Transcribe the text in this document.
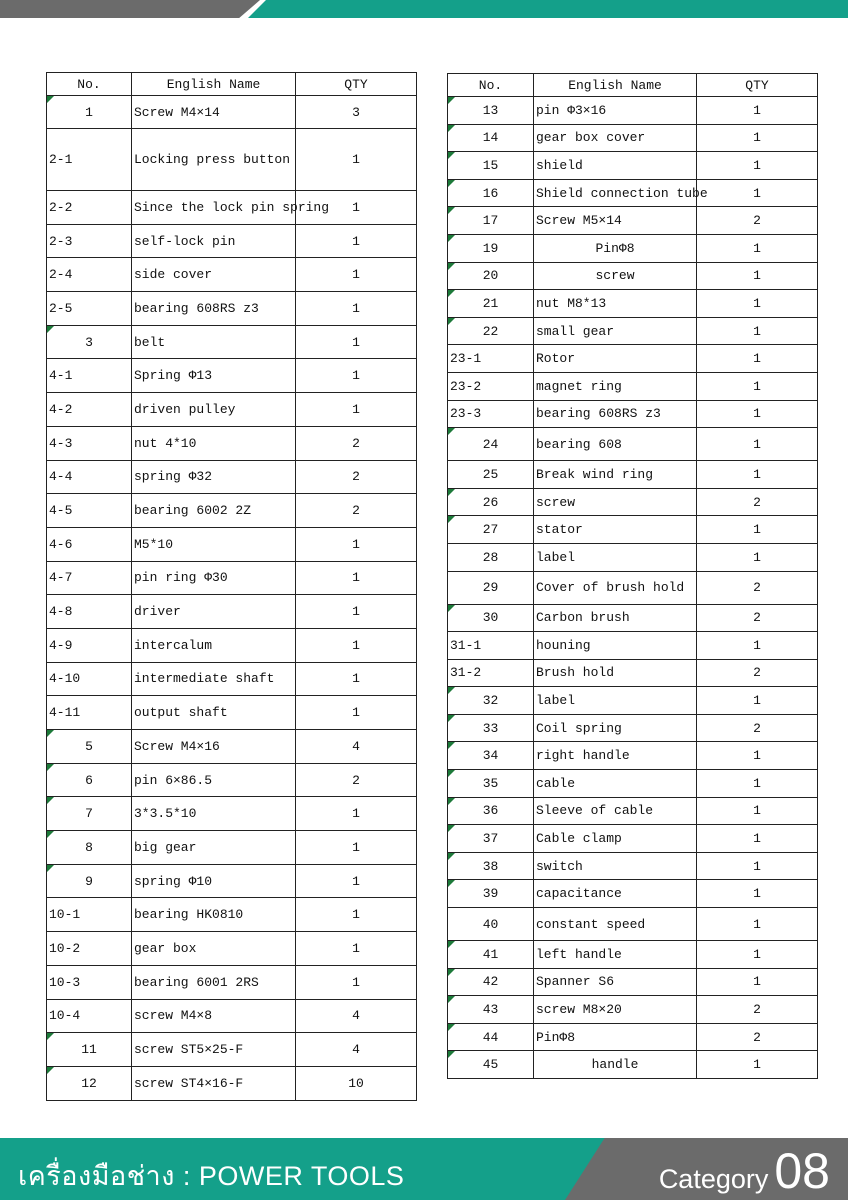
No.	English Name	QTY
1	Screw M4×14	3
2-1	Locking press button	1
2-2	Since the lock pin spring	1
2-3	self-lock pin	1
2-4	side cover	1
2-5	bearing 608RS z3	1
3	belt	1
4-1	Spring Φ13	1
4-2	driven pulley	1
4-3	nut 4*10	2
4-4	spring Φ32	2
4-5	bearing 6002 2Z	2
4-6	M5*10	1
4-7	pin ring Φ30	1
4-8	driver	1
4-9	intercalum	1
4-10	intermediate shaft	1
4-11	output shaft	1
5	Screw M4×16	4
6	pin 6×86.5	2
7	3*3.5*10	1
8	big gear	1
9	spring Φ10	1
10-1	bearing HK0810	1
10-2	gear box	1
10-3	bearing 6001 2RS	1
10-4	screw M4×8	4
11	screw ST5×25-F	4
12	screw ST4×16-F	10
No.	English Name	QTY
13	pin Φ3×16	1
14	gear box cover	1
15	shield	1
16	Shield connection tube	1
17	Screw M5×14	2
19	PinΦ8	1
20	screw	1
21	nut M8*13	1
22	small gear	1
23-1	Rotor	1
23-2	magnet ring	1
23-3	bearing 608RS z3	1
24	bearing 608	1
25	Break wind ring	1
26	screw	2
27	stator	1
28	label	1
29	Cover of brush hold	2
30	Carbon brush	2
31-1	houning	1
31-2	Brush hold	2
32	label	1
33	Coil spring	2
34	right handle	1
35	cable	1
36	Sleeve of cable	1
37	Cable clamp	1
38	switch	1
39	capacitance	1
40	constant speed	1
41	left handle	1
42	Spanner S6	1
43	screw M8×20	2
44	PinΦ8	2
45	handle	1
เครื่องมือช่าง : POWER TOOLS	Category 08
